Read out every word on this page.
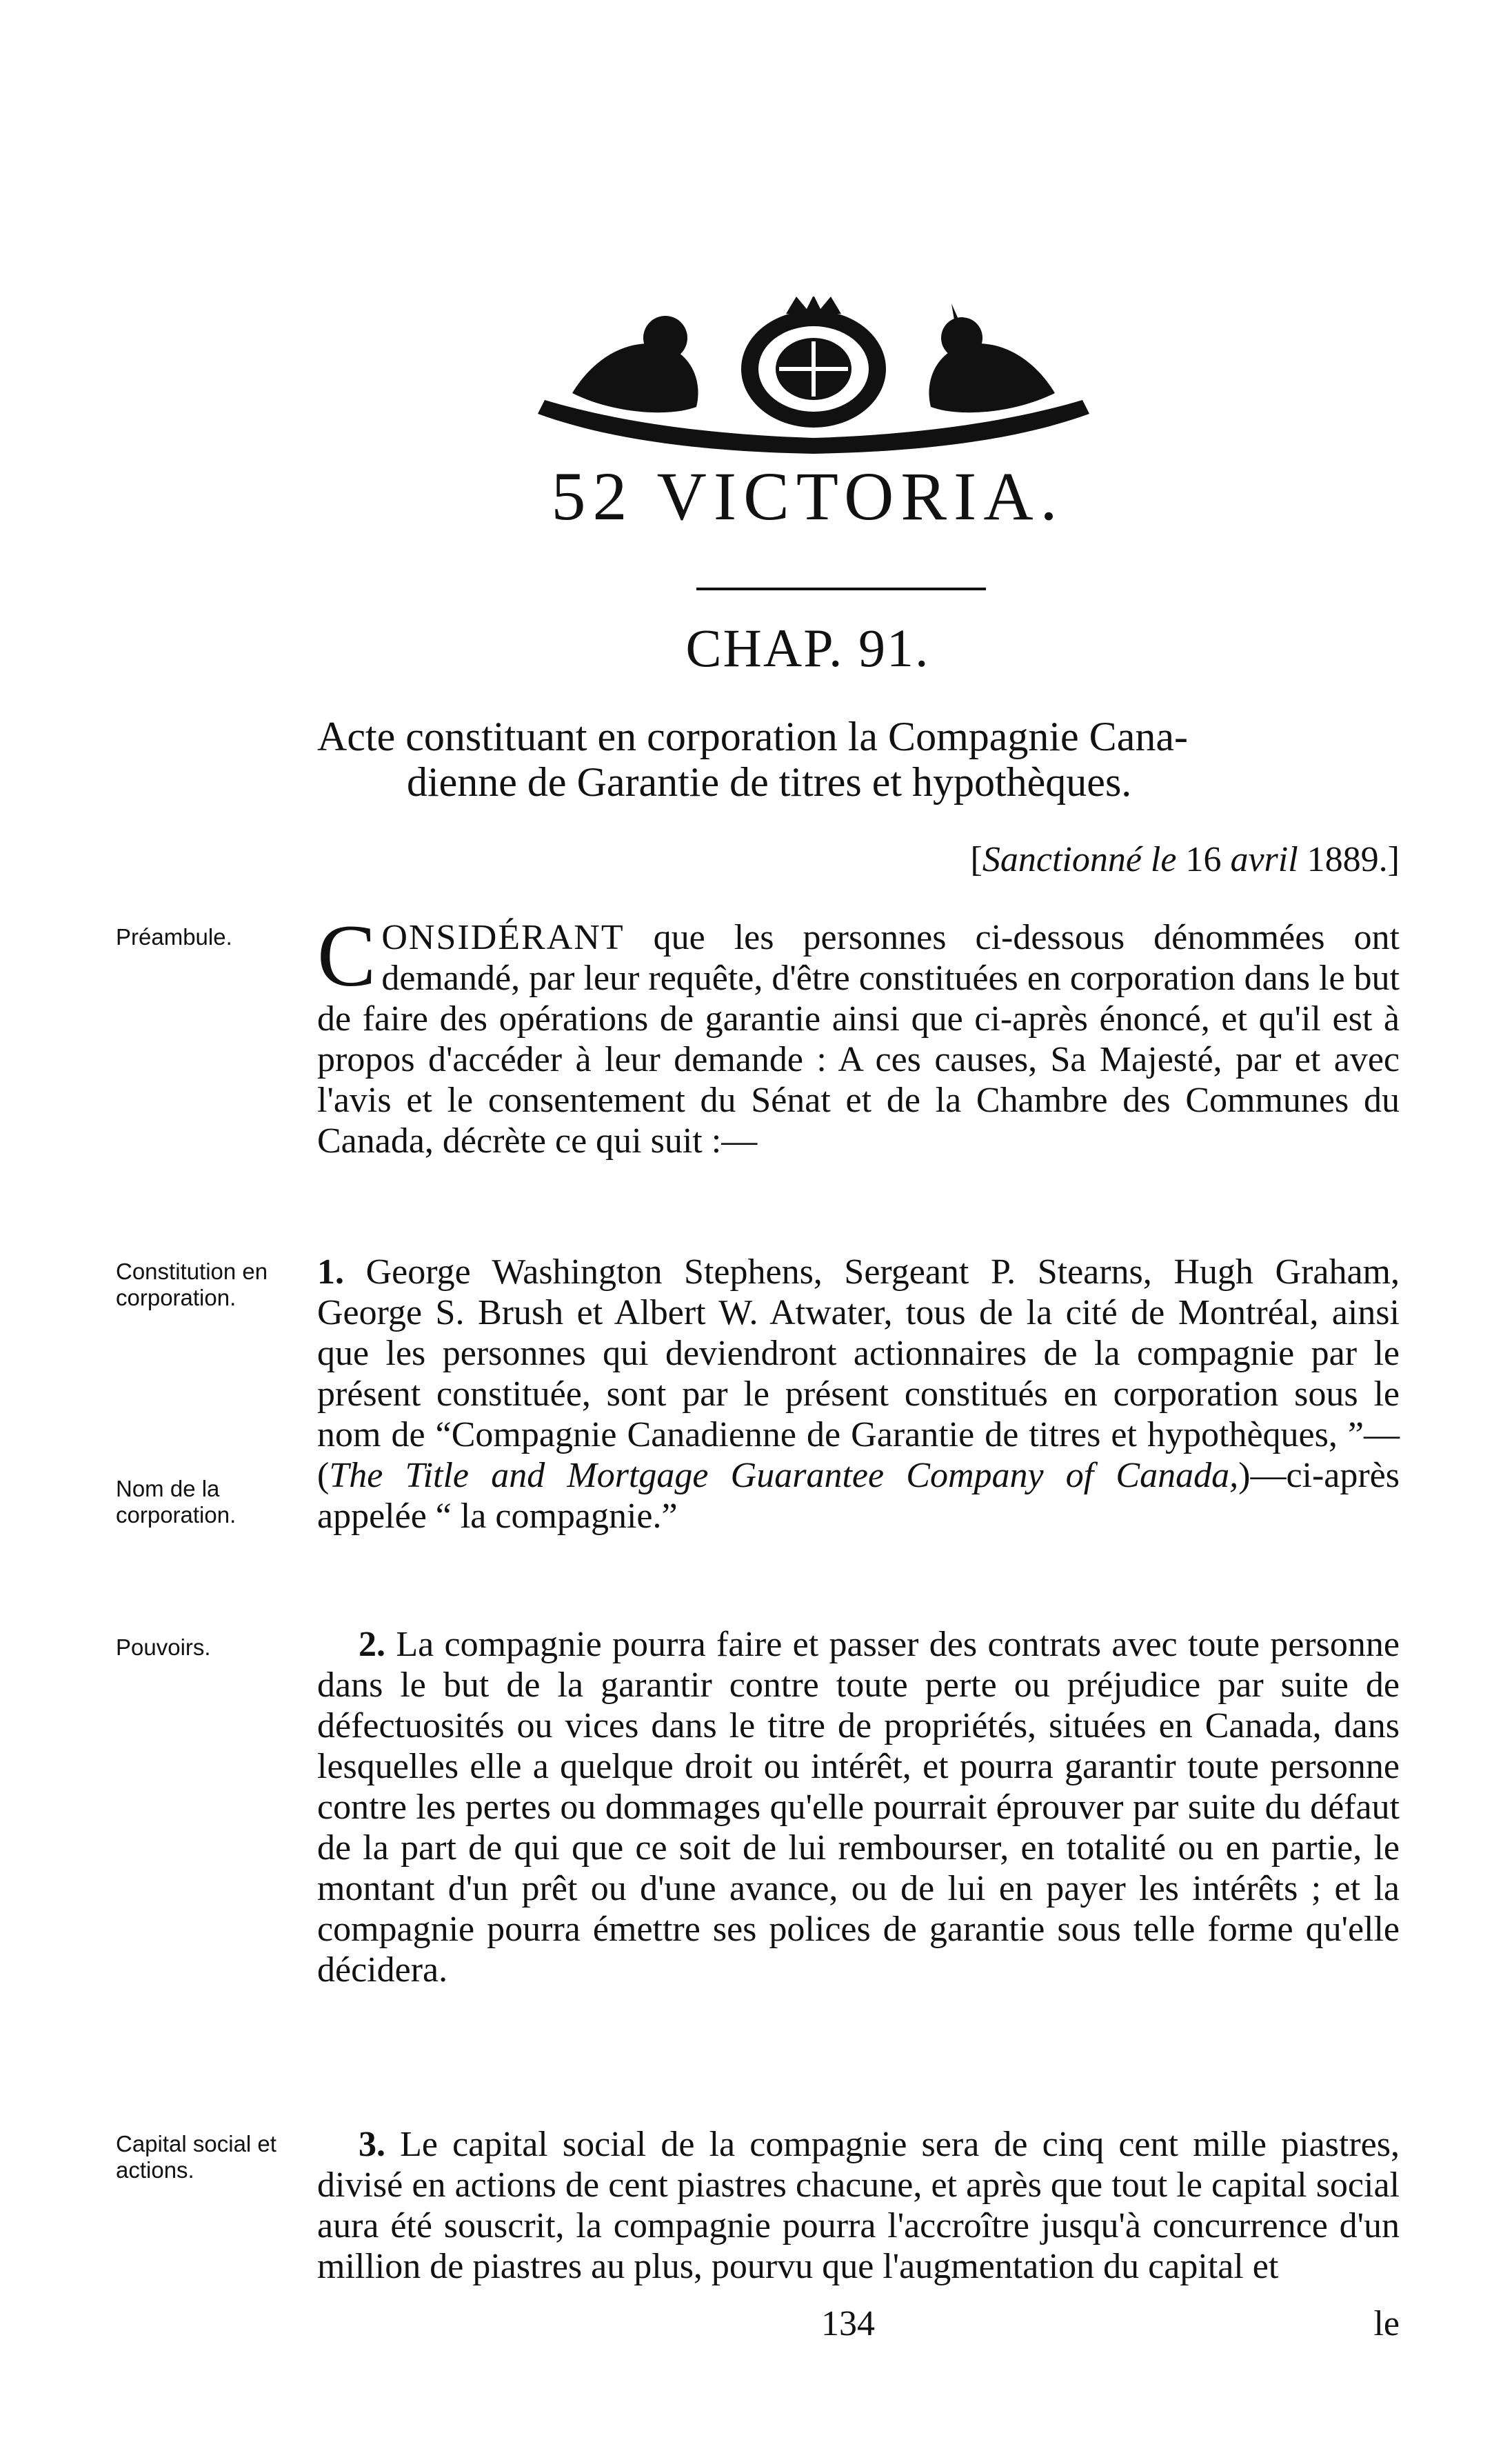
52 VICTORIA.
CHAP. 91.
Acte constituant en corporation la Compagnie Cana-
dienne de Garantie de titres et hypothèques.
[Sanctionné le 16 avril 1889.]
Préambule. CONSIDÉRANT que les personnes ci-dessous dénommées ont demandé, par leur requête, d'être constituées en corporation dans le but de faire des opérations de garantie ainsi que ci-après énoncé, et qu'il est à propos d'accéder à leur demande : A ces causes, Sa Majesté, par et avec l'avis et le consentement du Sénat et de la Chambre des Communes du Canada, décrète ce qui suit :—
Constitution en corporation.
Nom de la corporation.
1. George Washington Stephens, Sergeant P. Stearns, Hugh Graham, George S. Brush et Albert W. Atwater, tous de la cité de Montréal, ainsi que les personnes qui deviendront actionnaires de la compagnie par le présent constituée, sont par le présent constitués en corporation sous le nom de “Compagnie Canadienne de Garantie de titres et hypothèques, ”—(The Title and Mortgage Guarantee Company of Canada,)—ci-après appelée “ la compagnie.”
Pouvoirs.	2. La compagnie pourra faire et passer des contrats avec toute personne dans le but de la garantir contre toute perte ou préjudice par suite de défectuosités ou vices dans le titre de propriétés, situées en Canada, dans lesquelles elle a quelque droit ou intérêt, et pourra garantir toute personne contre les pertes ou dommages qu'elle pourrait éprouver par suite du défaut de la part de qui que ce soit de lui rembourser, en totalité ou en partie, le montant d'un prêt ou d'une avance, ou de lui en payer les intérêts ; et la compagnie pourra émettre ses polices de garantie sous telle forme qu'elle décidera.
Capital social et actions.
3. Le capital social de la compagnie sera de cinq cent mille piastres, divisé en actions de cent piastres chacune, et après que tout le capital social aura été souscrit, la compagnie pourra l'accroître jusqu'à concurrence d'un million de piastres au plus, pourvu que l'augmentation du capital et
134	le
